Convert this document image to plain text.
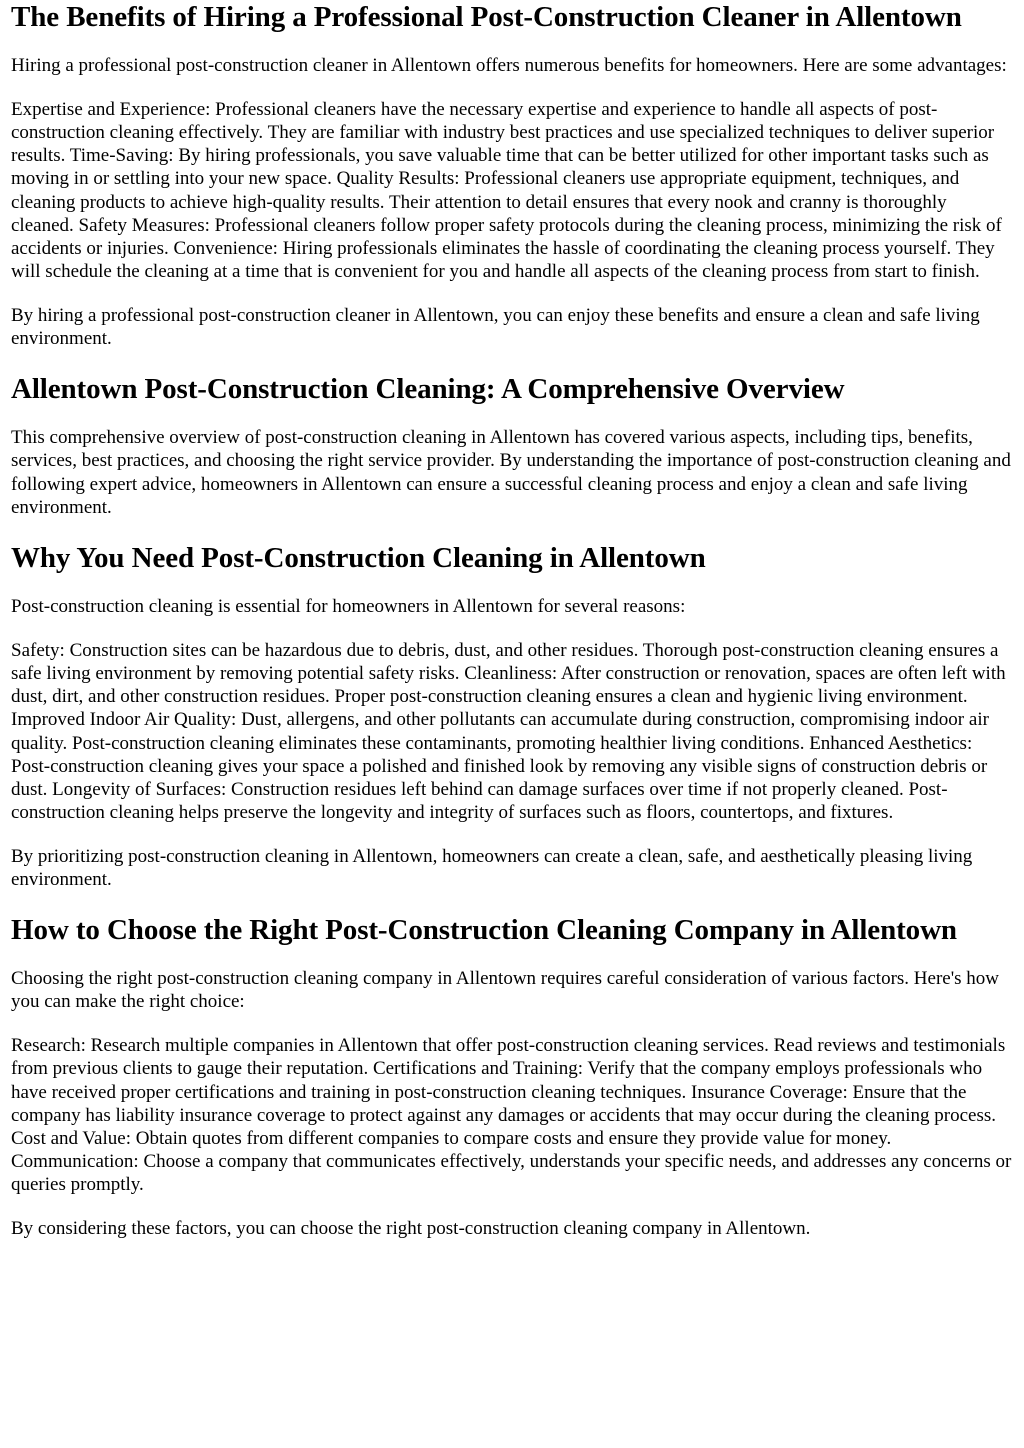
The Benefits of Hiring a Professional Post-Construction Cleaner in Allentown

Hiring a professional post-construction cleaner in Allentown offers numerous benefits for homeowners. Here are some advantages:

Expertise and Experience: Professional cleaners have the necessary expertise and experience to handle all aspects of post-construction cleaning effectively. They are familiar with industry best practices and use specialized techniques to deliver superior results. Time-Saving: By hiring professionals, you save valuable time that can be better utilized for other important tasks such as moving in or settling into your new space. Quality Results: Professional cleaners use appropriate equipment, techniques, and cleaning products to achieve high-quality results. Their attention to detail ensures that every nook and cranny is thoroughly cleaned. Safety Measures: Professional cleaners follow proper safety protocols during the cleaning process, minimizing the risk of accidents or injuries. Convenience: Hiring professionals eliminates the hassle of coordinating the cleaning process yourself. They will schedule the cleaning at a time that is convenient for you and handle all aspects of the cleaning process from start to finish.

By hiring a professional post-construction cleaner in Allentown, you can enjoy these benefits and ensure a clean and safe living environment.

Allentown Post-Construction Cleaning: A Comprehensive Overview

This comprehensive overview of post-construction cleaning in Allentown has covered various aspects, including tips, benefits, services, best practices, and choosing the right service provider. By understanding the importance of post-construction cleaning and following expert advice, homeowners in Allentown can ensure a successful cleaning process and enjoy a clean and safe living environment.

Why You Need Post-Construction Cleaning in Allentown

Post-construction cleaning is essential for homeowners in Allentown for several reasons:

Safety: Construction sites can be hazardous due to debris, dust, and other residues. Thorough post-construction cleaning ensures a safe living environment by removing potential safety risks. Cleanliness: After construction or renovation, spaces are often left with dust, dirt, and other construction residues. Proper post-construction cleaning ensures a clean and hygienic living environment. Improved Indoor Air Quality: Dust, allergens, and other pollutants can accumulate during construction, compromising indoor air quality. Post-construction cleaning eliminates these contaminants, promoting healthier living conditions. Enhanced Aesthetics: Post-construction cleaning gives your space a polished and finished look by removing any visible signs of construction debris or dust. Longevity of Surfaces: Construction residues left behind can damage surfaces over time if not properly cleaned. Post-construction cleaning helps preserve the longevity and integrity of surfaces such as floors, countertops, and fixtures.

By prioritizing post-construction cleaning in Allentown, homeowners can create a clean, safe, and aesthetically pleasing living environment.

How to Choose the Right Post-Construction Cleaning Company in Allentown

Choosing the right post-construction cleaning company in Allentown requires careful consideration of various factors. Here's how you can make the right choice:

Research: Research multiple companies in Allentown that offer post-construction cleaning services. Read reviews and testimonials from previous clients to gauge their reputation. Certifications and Training: Verify that the company employs professionals who have received proper certifications and training in post-construction cleaning techniques. Insurance Coverage: Ensure that the company has liability insurance coverage to protect against any damages or accidents that may occur during the cleaning process. Cost and Value: Obtain quotes from different companies to compare costs and ensure they provide value for money. Communication: Choose a company that communicates effectively, understands your specific needs, and addresses any concerns or queries promptly.

By considering these factors, you can choose the right post-construction cleaning company in Allentown.
